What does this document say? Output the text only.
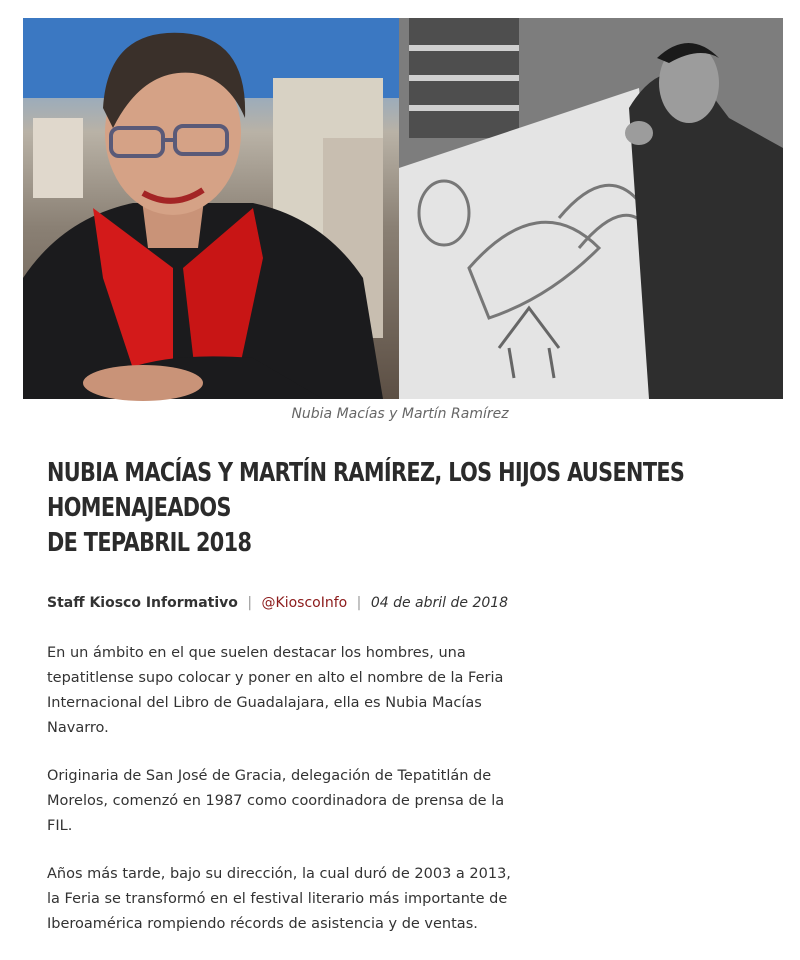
Nubia Macías y Martín Ramírez
NUBIA MACÍAS Y MARTÍN RAMÍREZ, LOS HIJOS AUSENTES HOMENAJEADOS
DE TEPABRIL 2018
Staff Kiosco Informativo | @KioscoInfo | 04 de abril de 2018

En un ámbito en el que suelen destacar los hombres, una tepatitlense supo colocar y poner en alto el nombre de la Feria Internacional del Libro de Guadalajara, ella es Nubia Macías Navarro.

Originaria de San José de Gracia, delegación de Tepatitlán de Morelos, comenzó en 1987 como coordinadora de prensa de la FIL.

Años más tarde, bajo su dirección, la cual duró de 2003 a 2013, la Feria se transformó en el festival literario más importante de Iberoamérica rompiendo récords de asistencia y de ventas.
